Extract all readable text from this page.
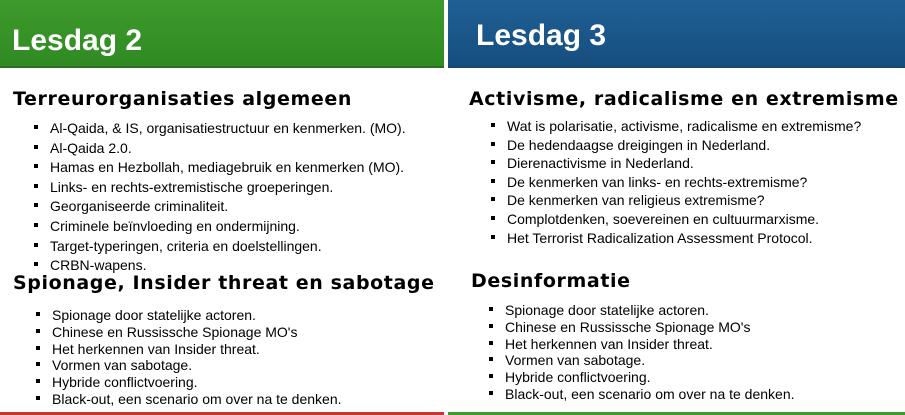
Lesdag 2
Terreurorganisaties algemeen
Al-Qaida, & IS, organisatiestructuur en kenmerken. (MO).
Al-Qaida 2.0.
Hamas en Hezbollah, mediagebruik en kenmerken (MO).
Links- en rechts-extremistische groeperingen.
Georganiseerde criminaliteit.
Criminele beïnvloeding en ondermijning.
Target-typeringen, criteria en doelstellingen.
CRBN-wapens.
Spionage, Insider threat en sabotage
Spionage door statelijke actoren.
Chinese en Russissche Spionage MO's
Het herkennen van Insider threat.
Vormen van sabotage.
Hybride conflictvoering.
Black-out, een scenario om over na te denken.
Lesdag 3
Activisme, radicalisme en extremisme
Wat is polarisatie, activisme, radicalisme en extremisme?
De hedendaagse dreigingen in Nederland.
Dierenactivisme in Nederland.
De kenmerken van links- en rechts-extremisme?
De kenmerken van religieus extremisme?
Complotdenken, soevereinen en cultuurmarxisme.
Het Terrorist Radicalization Assessment Protocol.
Desinformatie
Spionage door statelijke actoren.
Chinese en Russissche Spionage MO's
Het herkennen van Insider threat.
Vormen van sabotage.
Hybride conflictvoering.
Black-out, een scenario om over na te denken.
